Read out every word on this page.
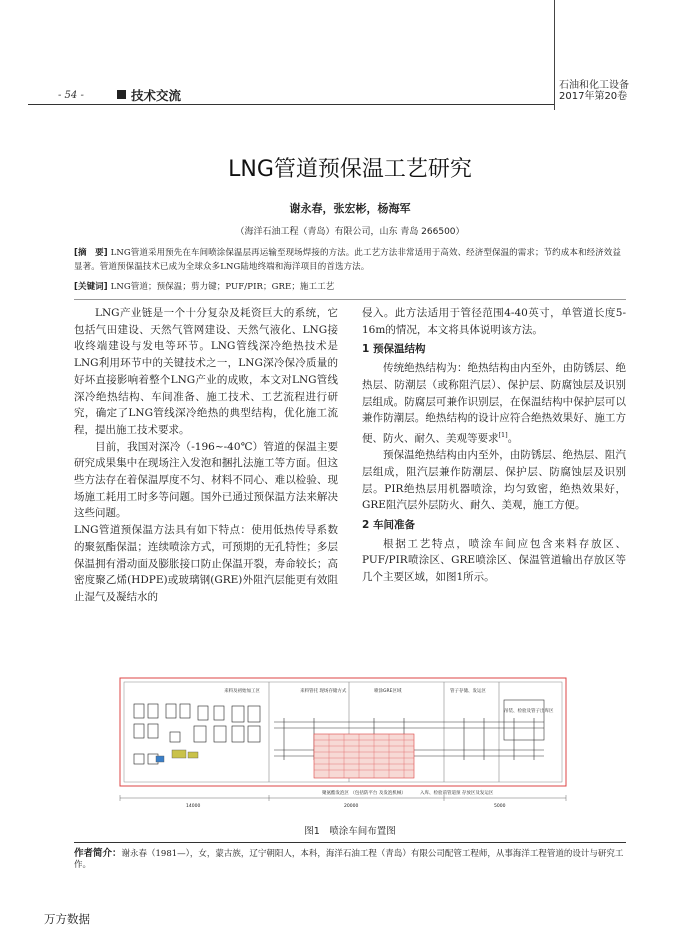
- 54 -	技术交流
石油和化工设备
2017年第20卷
LNG管道预保温工艺研究
谢永春，张宏彬，杨海军
（海洋石油工程（青岛）有限公司，山东 青岛 266500）
[摘　要] LNG管道采用预先在车间喷涂保温层再运输至现场焊接的方法。此工艺方法非常适用于高效、经济型保温的需求；节约成本和经济效益显著。管道预保温技术已成为全球众多LNG陆地终端和海洋项目的首选方法。
[关键词] LNG管道；预保温；剪力键；PUF/PIR；GRE；施工工艺

LNG产业链是一个十分复杂及耗资巨大的系统，它包括气田建设、天然气管网建设、天然气液化、LNG接收终端建设与发电等环节。LNG管线深冷绝热技术是LNG利用环节中的关键技术之一，LNG深冷保冷质量的好坏直接影响着整个LNG产业的成败，本文对LNG管线深冷绝热结构、车间准备、施工技术、工艺流程进行研究，确定了LNG管线深冷绝热的典型结构，优化施工流程，提出施工技术要求。

目前，我国对深冷（-196~-40℃）管道的保温主要研究成果集中在现场注入发泡和捆扎法施工等方面。但这些方法存在着保温厚度不匀、材料不同心、难以检验、现场施工耗用工时多等问题。国外已通过预保温方法来解决这些问题。

LNG管道预保温方法具有如下特点：使用低热传导系数的聚氨酯保温；连续喷涂方式，可预期的无孔特性；多层保温拥有滑动面及膨胀接口防止保温开裂，寿命较长；高密度聚乙烯(HDPE)或玻璃钢(GRE)外阻汽层能更有效阻止湿气及凝结水的

侵入。此方法适用于管径范围4-40英寸，单管道长度5-16m的情况，本文将具体说明该方法。

1 预保温结构

传统绝热结构为：绝热结构由内至外，由防锈层、绝热层、防潮层（或称阻汽层）、保护层、防腐蚀层及识别层组成。防腐层可兼作识别层，在保温结构中保护层可以兼作防潮层。绝热结构的设计应符合绝热效果好、施工方便、防火、耐久、美观等要求[1]。

预保温绝热结构由内至外，由防锈层、绝热层、阻汽层组成，阻汽层兼作防潮层、保护层、防腐蚀层及识别层。PIR绝热层用机器喷涂，均匀致密，绝热效果好，GRE阻汽层外层防火、耐久、美观，施工方便。

2 车间准备

根据工艺特点，喷涂车间应包含来料存放区、PUF/PIR喷涂区、GRE喷涂区、保温管道输出存放区等几个主要区域，如图1所示。

来料及初始加工区	来料管托 现场存储方式	喷涂GRE区域	管子存储、发运区
吊装、检验及管子出库区
聚氨酯发泡区 （包括防平台 及发泡机械）	入库、检验前管道预 存放区及发运区
14000	20000	5000
图1　喷涂车间布置图
作者简介：谢永春（1981—），女，蒙古族，辽宁朝阳人，本科，海洋石油工程（青岛）有限公司配管工程师，从事海洋工程管道的设计与研究工作。
万方数据
